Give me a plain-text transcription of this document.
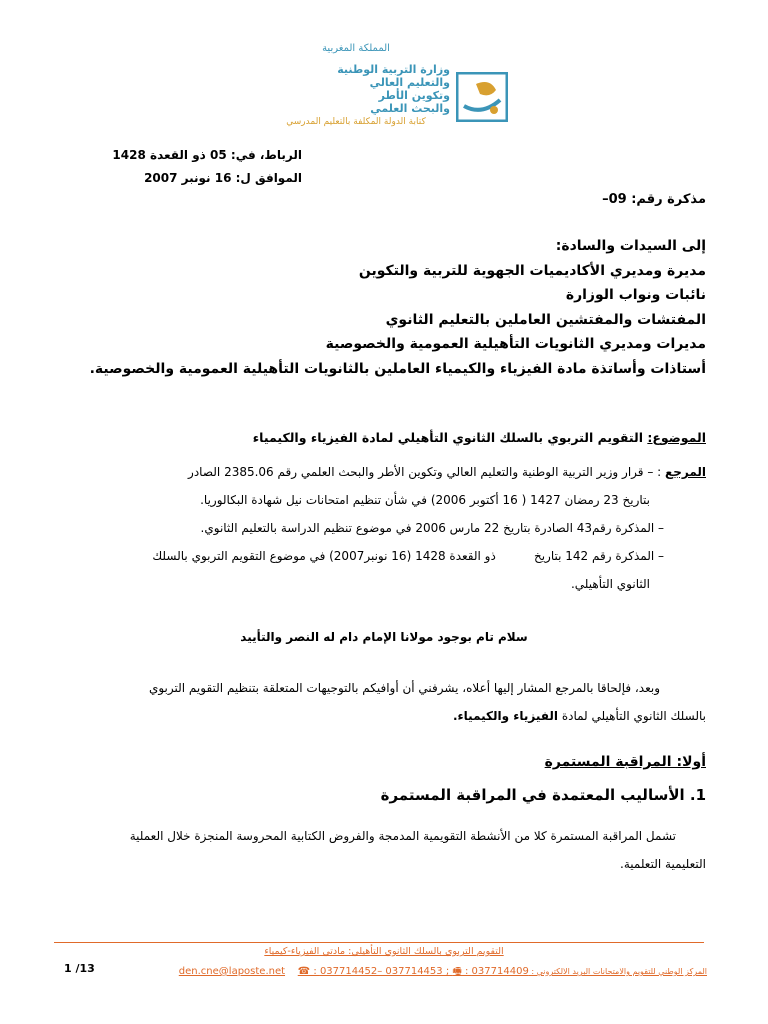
المملكة المغربية
وزارة التربية الوطنية
والتعليم العالي
وتكوين الأطر
والبحث العلمي
كتابة الدولة المكلفة بالتعليم المدرسي
الرباط، في: 05 ذو القعدة 1428
الموافق ل: 16 نونبر 2007
مذكرة رقم: 09–
إلى السيدات والسادة:
مديرة ومديري الأكاديميات الجهوية للتربية والتكوين
نائبات ونواب الوزارة
المفتشات والمفتشين العاملين بالتعليم الثانوي
مديرات ومديري الثانويات التأهيلية العمومية والخصوصية
أستاذات وأساتذة مادة الفيزياء والكيمياء العاملين بالثانويات التأهيلية العمومية والخصوصية.
الموضوع: التقويم التربوي بالسلك الثانوي التأهيلي لمادة الفيزياء والكيمياء
المرجع : – قرار وزير التربية الوطنية والتعليم العالي وتكوين الأطر والبحث العلمي رقم 2385.06 الصادر
بتاريخ 23 رمضان 1427 ( 16 أكتوبر 2006) في شأن تنظيم امتحانات نيل شهادة البكالوريا.
– المذكرة رقم43 الصادرة بتاريخ 22 مارس 2006 في موضوع تنظيم الدراسة بالتعليم الثانوي.
– المذكرة رقم 142 بتاريخ          ذو القعدة 1428 (16 نونبر2007) في موضوع التقويم التربوي بالسلك
الثانوي التأهيلي.
سلام تام بوجود مولانا الإمام دام له النصر والتأييد
وبعد، فإلحاقا بالمرجع المشار إليها أعلاه، يشرفني أن أوافيكم بالتوجيهات المتعلقة بتنظيم التقويم التربوي
بالسلك الثانوي التأهيلي لمادة الفيزياء والكيمياء.
أولا: المراقبة المستمرة
1. الأساليب المعتمدة في المراقبة المستمرة
تشمل المراقبة المستمرة كلا من الأنشطة التقويمية المدمجة والفروض الكتابية المحروسة المنجزة خلال العملية
التعليمية التعلمية.
التقويم التربوي بالسلك الثانوي التأهيلي: مادتي الفيزياء-كيمياء
المركز الوطني للتقويم والامتحانات البريد الالكتروني : den.cne@laposte.net ☎ : 037714452– 037714453 ; 🖷 : 037714409
1 /13
